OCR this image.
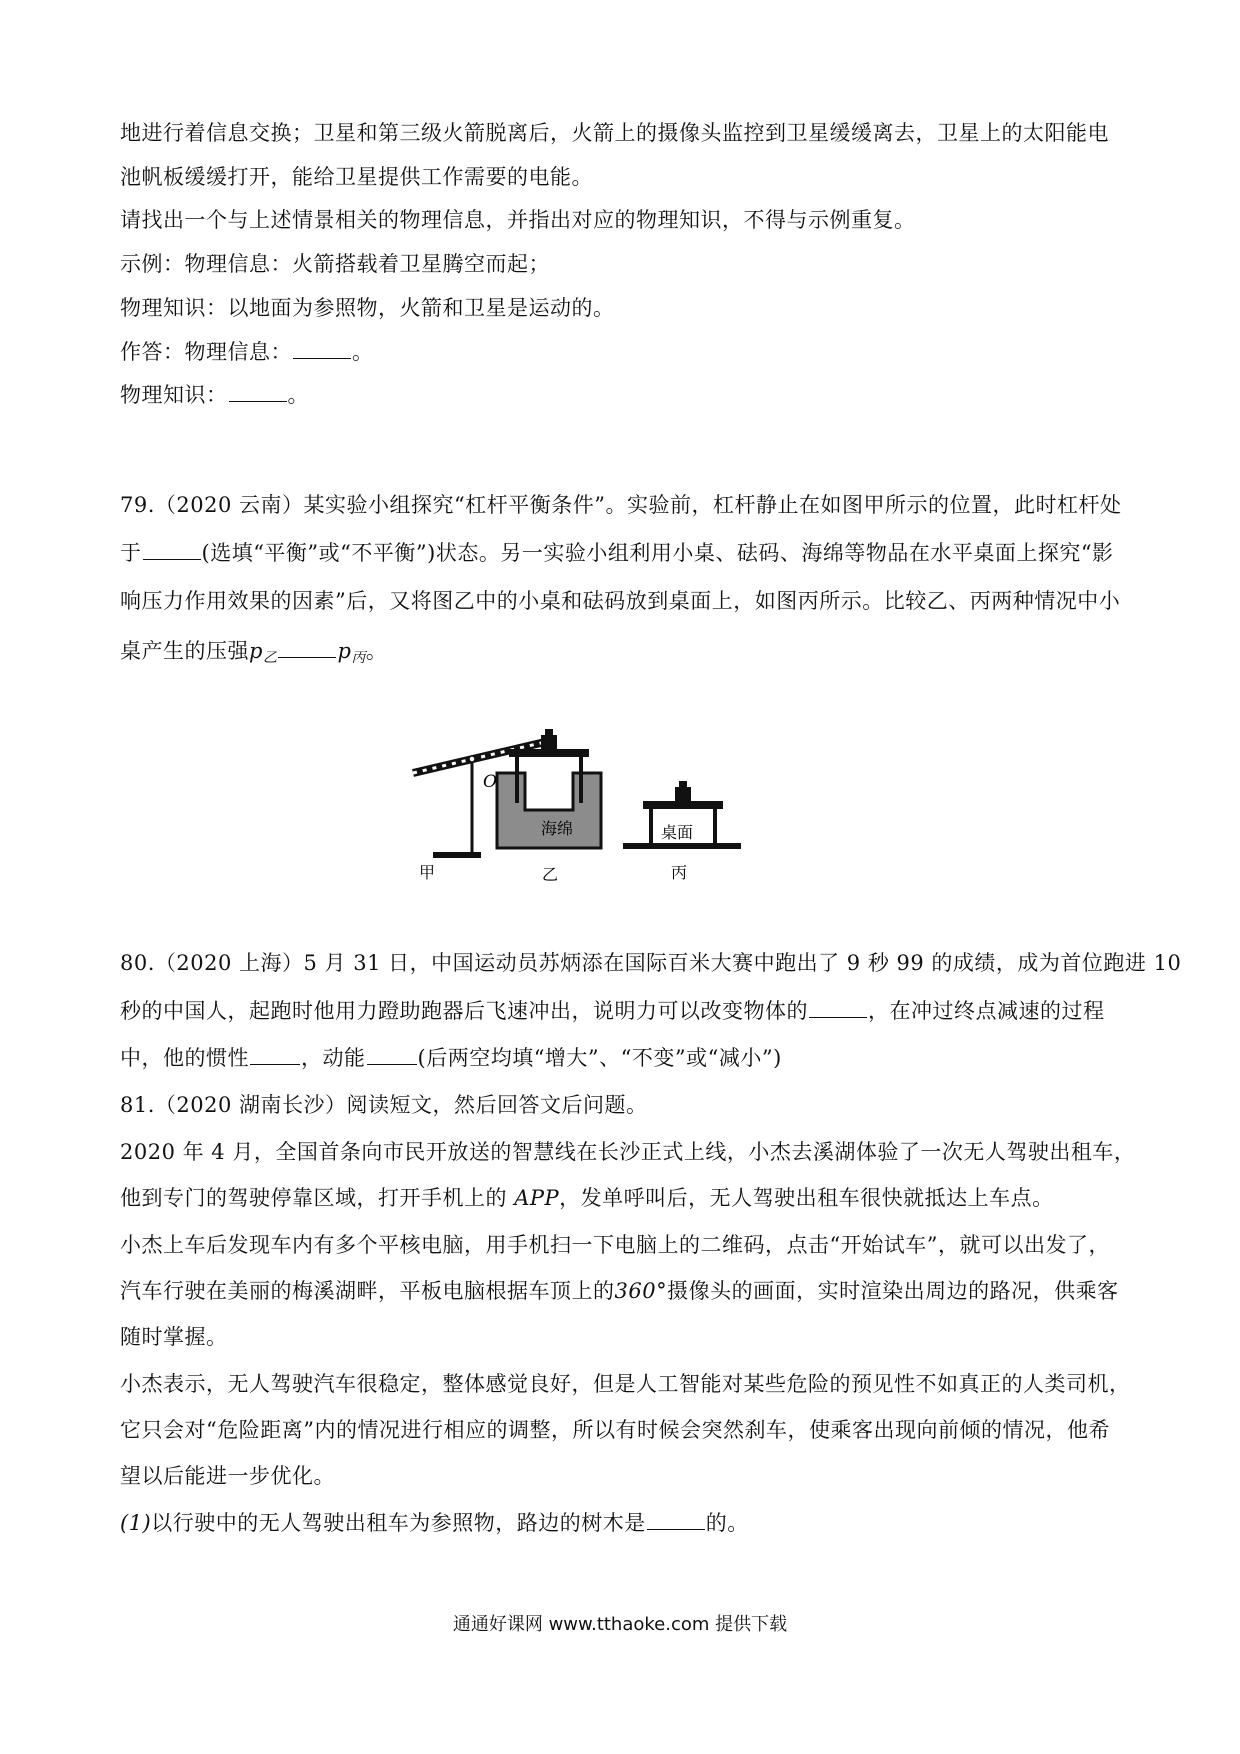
地进行着信息交换；卫星和第三级火箭脱离后，火箭上的摄像头监控到卫星缓缓离去，卫星上的太阳能电
池帆板缓缓打开，能给卫星提供工作需要的电能。
请找出一个与上述情景相关的物理信息，并指出对应的物理知识，不得与示例重复。
示例：物理信息：火箭搭载着卫星腾空而起；
物理知识：以地面为参照物，火箭和卫星是运动的。
作答：物理信息：	。
物理知识：	。
79.（2020 云南）某实验小组探究“杠杆平衡条件”。实验前，杠杆静止在如图甲所示的位置，此时杠杆处
于	(选填“平衡”或“不平衡”)状态。另一实验小组利用小桌、砝码、海绵等物品在水平桌面上探究“影
响压力作用效果的因素”后，又将图乙中的小桌和砝码放到桌面上，如图丙所示。比较乙、丙两种情况中小
桌产生的压强$p_乙$	$p_丙$。
O
海绵	桌面
甲	乙	丙
80.（2020 上海）5 月 31 日，中国运动员苏炳添在国际百米大赛中跑出了 9 秒 99 的成绩，成为首位跑进 10
秒的中国人，起跑时他用力蹬助跑器后飞速冲出，说明力可以改变物体的	，在冲过终点减速的过程
中，他的惯性 ，动能 (后两空均填“增大”、“不变”或“减小”)
81.（2020 湖南长沙）阅读短文，然后回答文后问题。
2020 年 4 月，全国首条向市民开放送的智慧线在长沙正式上线，小杰去溪湖体验了一次无人驾驶出租车，
他到专门的驾驶停靠区域，打开手机上的 APP，发单呼叫后，无人驾驶出租车很快就抵达上车点。
小杰上车后发现车内有多个平核电脑，用手机扫一下电脑上的二维码，点击“开始试车”，就可以出发了，
汽车行驶在美丽的梅溪湖畔，平板电脑根据车顶上的360°摄像头的画面，实时渲染出周边的路况，供乘客
随时掌握。
小杰表示，无人驾驶汽车很稳定，整体感觉良好，但是人工智能对某些危险的预见性不如真正的人类司机，
它只会对“危险距离”内的情况进行相应的调整，所以有时候会突然刹车，使乘客出现向前倾的情况，他希
望以后能进一步优化。
(1)以行驶中的无人驾驶出租车为参照物，路边的树木是	的。
通通好课网 www.tthaoke.com 提供下载
